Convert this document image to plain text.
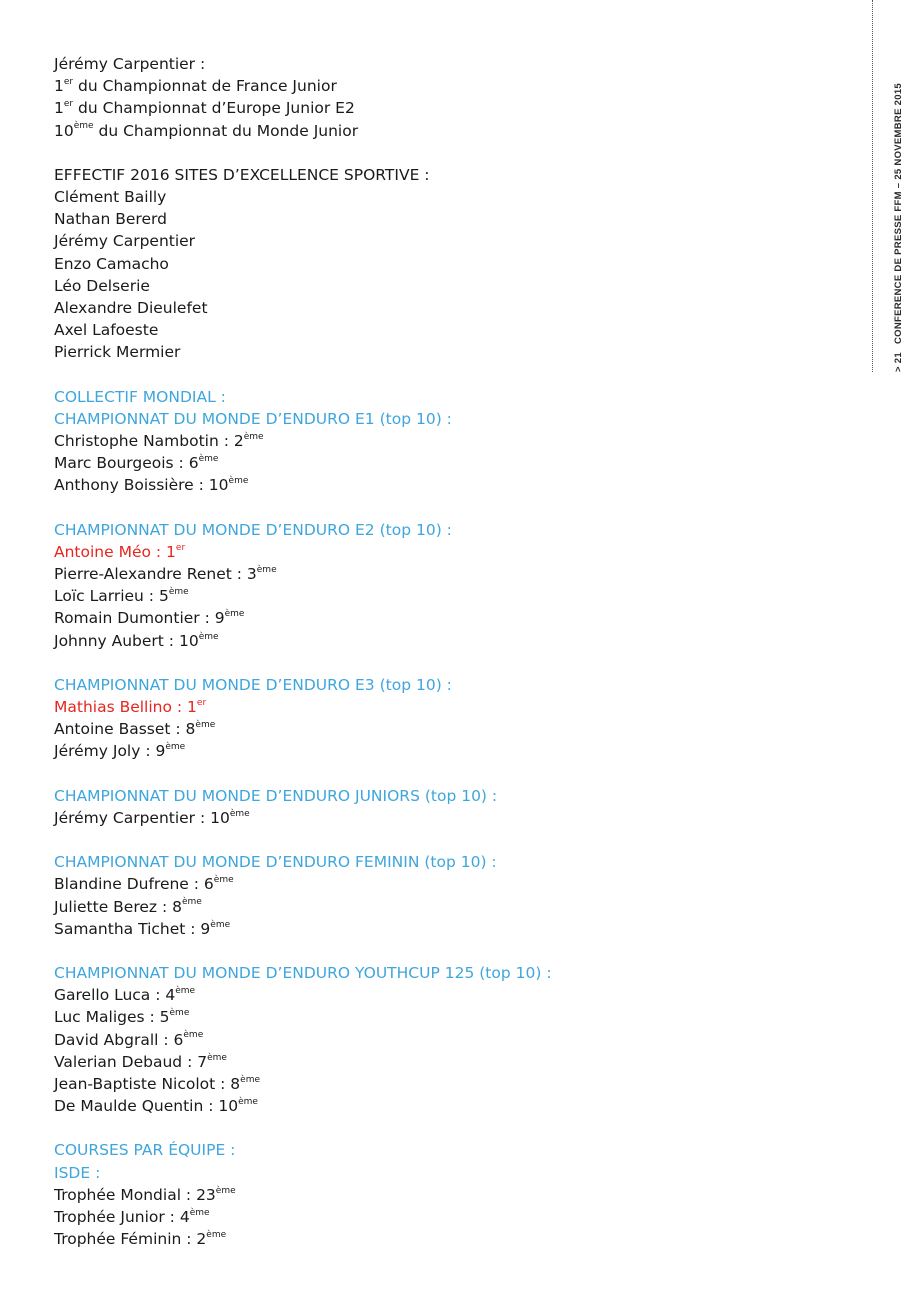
> 21CONFERENCE DE PRESSE FFM – 25 NOVEMBRE 2015
Jérémy Carpentier :
1er du Championnat de France Junior
1er du Championnat d’Europe Junior E2
10ème du Championnat du Monde Junior
EFFECTIF 2016 SITES D’EXCELLENCE SPORTIVE :
Clément Bailly
Nathan Bererd
Jérémy Carpentier
Enzo Camacho
Léo Delserie
Alexandre Dieulefet
Axel Lafoeste
Pierrick Mermier
COLLECTIF MONDIAL :
CHAMPIONNAT DU MONDE D’ENDURO E1 (top 10) :
Christophe Nambotin : 2ème
Marc Bourgeois : 6ème
Anthony Boissière : 10ème
CHAMPIONNAT DU MONDE D’ENDURO E2 (top 10) :
Antoine Méo : 1er
Pierre-Alexandre Renet : 3ème
Loïc Larrieu : 5ème
Romain Dumontier : 9ème
Johnny Aubert : 10ème
CHAMPIONNAT DU MONDE D’ENDURO E3 (top 10) :
Mathias Bellino : 1er
Antoine Basset : 8ème
Jérémy Joly : 9ème
CHAMPIONNAT DU MONDE D’ENDURO JUNIORS (top 10) :
Jérémy Carpentier : 10ème
CHAMPIONNAT DU MONDE D’ENDURO FEMININ (top 10) :
Blandine Dufrene : 6ème
Juliette Berez : 8ème
Samantha Tichet : 9ème
CHAMPIONNAT DU MONDE D’ENDURO YOUTHCUP 125 (top 10) :
Garello Luca : 4ème
Luc Maliges : 5ème
David Abgrall : 6ème
Valerian Debaud : 7ème
Jean-Baptiste Nicolot : 8ème
De Maulde Quentin : 10ème
COURSES PAR ÉQUIPE :
ISDE :
Trophée Mondial : 23ème
Trophée Junior : 4ème
Trophée Féminin : 2ème
